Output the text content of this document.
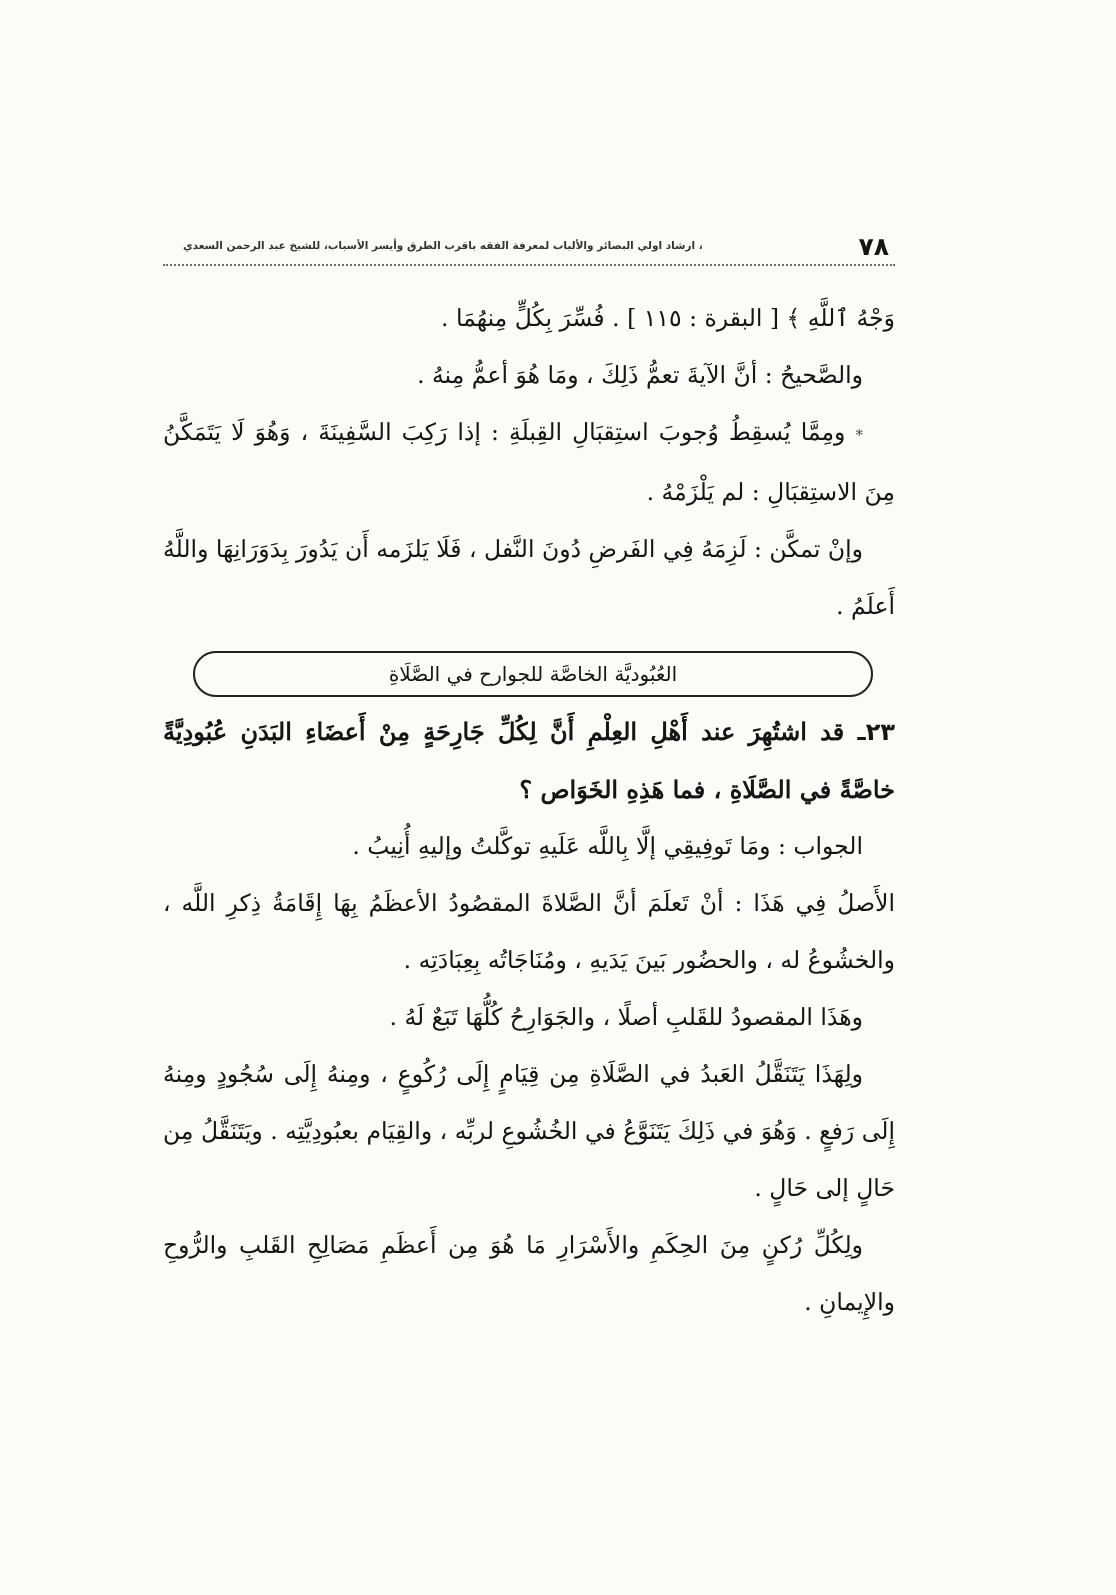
٧٨
، ارشاد اولي البصائر والألباب لمعرفة الفقه باقرب الطرق وأيسر الأسباب، للشيخ عبد الرحمن السعدي

وَجْهُ ٱللَّهِ ﴾ [ البقرة : ١١٥ ] . فُسِّرَ بِكُلٍّ مِنهُمَا .

والصَّحيحُ : أنَّ الآيةَ تعمُّ ذَلِكَ ، ومَا هُوَ أعمُّ مِنهُ .

* ومِمَّا يُسقِطُ وُجوبَ استِقبَالِ القِبلَةِ : إذا رَكِبَ السَّفِينَةَ ، وَهُوَ لَا يَتَمَكَّنُ مِنَ الاستِقبَالِ : لم يَلْزَمْهُ .

وإنْ تمكَّن : لَزِمَهُ فِي الفَرضِ دُونَ النَّفل ، فَلَا يَلزَمه أَن يَدُورَ بِدَوَرَانِهَا واللَّهُ أَعلَمُ .

العُبُوديَّة الخاصَّة للجوارح في الصَّلَاةِ

٢٣ـ قد اشتُهِرَ عند أَهْلِ العِلْمِ أَنَّ لِكُلِّ جَارِحَةٍ مِنْ أَعضَاءِ البَدَنِ عُبُودِيَّةً خاصَّةً في الصَّلَاةِ ، فما هَذِهِ الخَوَاص ؟

الجواب : ومَا تَوفِيقِي إلَّا بِاللَّه عَلَيهِ توكَّلتُ وإليهِ أُنِيبُ .

الأَصلُ فِي هَذَا : أنْ تَعلَمَ أنَّ الصَّلاةَ المقصُودُ الأعظَمُ بِهَا إِقَامَةُ ذِكرِ اللَّه ، والخشُوعُ له ، والحضُور بَينَ يَدَيهِ ، ومُنَاجَاتُه بِعِبَادَتِه .

وهَذَا المقصودُ للقَلبِ أصلًا ، والجَوَارِحُ كُلُّهَا تَبَعٌ لَهُ .

ولِهَذَا يَتَنَقَّلُ العَبدُ في الصَّلَاةِ مِن قِيَامٍ إِلَى رُكُوعٍ ، ومِنهُ إِلَى سُجُودٍ ومِنهُ إِلَى رَفعٍ . وَهُوَ في ذَلِكَ يَتَنَوَّعُ في الخُشُوعِ لربِّه ، والقِيَام بعبُودِيَّتِه . ويَتَنَقَّلُ مِن حَالٍ إلى حَالٍ .

ولِكُلِّ رُكنٍ مِنَ الحِكَمِ والأَسْرَارِ مَا هُوَ مِن أَعظَمِ مَصَالِحِ القَلبِ والرُّوحِ والإِيمانِ .
